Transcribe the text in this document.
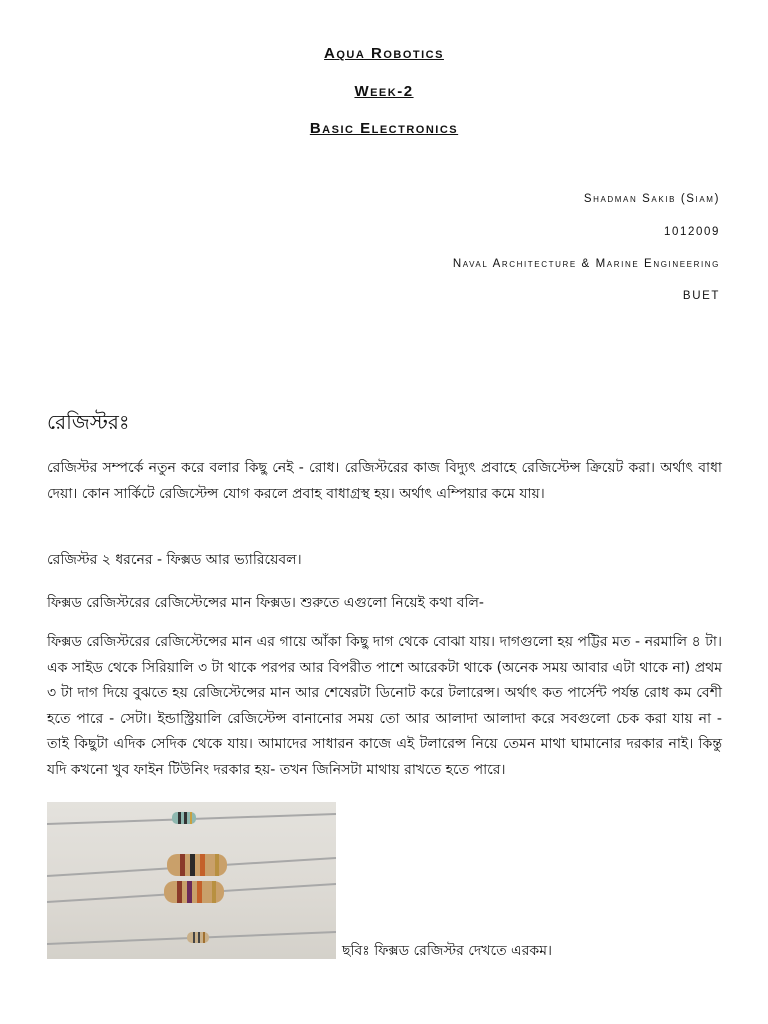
Aqua Robotics
Week-2
Basic Electronics
Shadman Sakib (Siam)
1012009
Naval Architecture & Marine Engineering
BUET
রেজিস্টরঃ

রেজিস্টর সম্পর্কে নতুন করে বলার কিছু নেই - রোধ। রেজিস্টরের কাজ বিদ্যুৎ প্রবাহে রেজিস্টেন্স ক্রিয়েট করা। অর্থাৎ বাধা দেয়া। কোন সার্কিটে রেজিস্টেন্স যোগ করলে প্রবাহ বাধাগ্রস্থ হয়। অর্থাৎ এম্পিয়ার কমে যায়।

রেজিস্টর ২ ধরনের - ফিক্সড আর ভ্যারিয়েবল।

ফিক্সড রেজিস্টরের রেজিস্টেন্সের মান ফিক্সড। শুরুতে এগুলো নিয়েই কথা বলি-

ফিক্সড রেজিস্টরের রেজিস্টেন্সের মান এর গায়ে আঁকা কিছু দাগ থেকে বোঝা যায়। দাগগুলো হয় পট্টির মত - নরমালি ৪ টা। এক সাইড থেকে সিরিয়ালি ৩ টা থাকে পরপর আর বিপরীত পাশে আরেকটা থাকে (অনেক সময় আবার এটা থাকে না) প্রথম ৩ টা দাগ দিয়ে বুঝতে হয় রেজিস্টেন্সের মান আর শেষেরটা ডিনোট করে টলারেন্স। অর্থাৎ কত পার্সেন্ট পর্যন্ত রোধ কম বেশী হতে পারে - সেটা। ইন্ডাস্ট্রিয়ালি রেজিস্টেন্স বানানোর সময় তো আর আলাদা আলাদা করে সবগুলো চেক করা যায় না - তাই কিছুটা এদিক সেদিক থেকে যায়। আমাদের সাধারন কাজে এই টলারেন্স নিয়ে তেমন মাথা ঘামানোর দরকার নাই। কিন্তু যদি কখনো খুব ফাইন টিউনিং দরকার হয়- তখন জিনিসটা মাথায় রাখতে হতে পারে।

ছবিঃ ফিক্সড রেজিস্টর দেখতে এরকম।
